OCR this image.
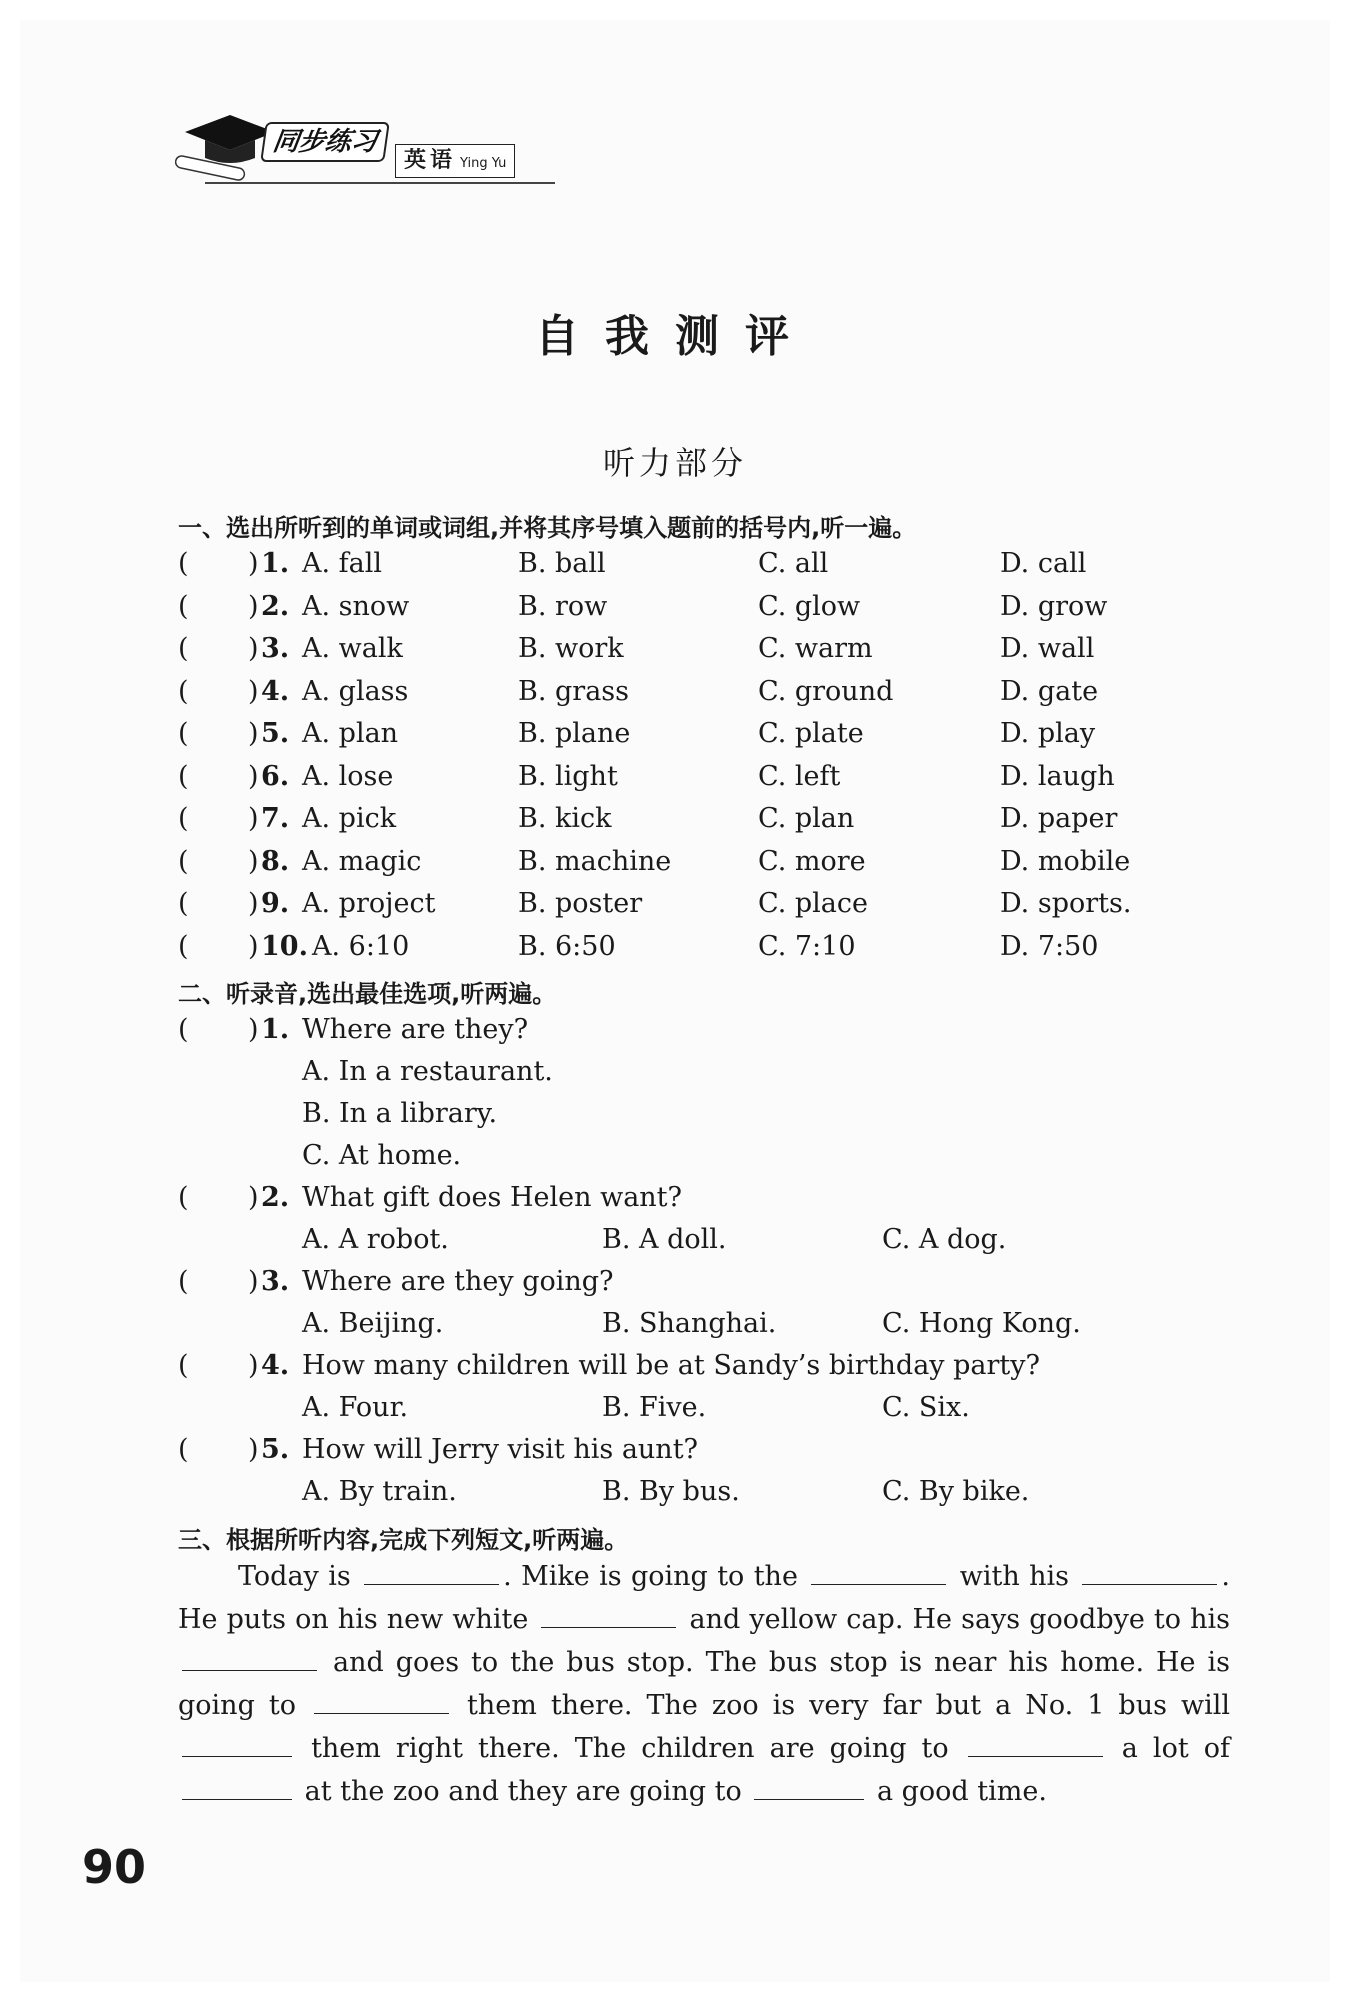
同步练习
英语 Ying Yu
自我测评
听力部分
一、选出所听到的单词或词组,并将其序号填入题前的括号内,听一遍。
( ) 1. A. fall	B. ball	C. all	D. call
( ) 2. A. snow	B. row	C. glow	D. grow
( ) 3. A. walk	B. work	C. warm	D. wall
( ) 4. A. glass	B. grass	C. ground	D. gate
( ) 5. A. plan	B. plane	C. plate	D. play
( ) 6. A. lose	B. light	C. left	D. laugh
( ) 7. A. pick	B. kick	C. plan	D. paper
( ) 8. A. magic	B. machine	C. more	D. mobile
( ) 9. A. project	B. poster	C. place	D. sports.
( ) 10. A. 6:10	B. 6:50	C. 7:10	D. 7:50
二、听录音,选出最佳选项,听两遍。
( ) 1. Where are they?
A. In a restaurant.
B. In a library.
C. At home.
( ) 2. What gift does Helen want?
A. A robot.	B. A doll.	C. A dog.
( ) 3. Where are they going?
A. Beijing.	B. Shanghai.	C. Hong Kong.
( ) 4. How many children will be at Sandy’s birthday party?
A. Four.	B. Five.	C. Six.
( ) 5. How will Jerry visit his aunt?
A. By train.	B. By bus.	C. By bike.
三、根据所听内容,完成下列短文,听两遍。
Today is	. Mike is going to the	with his	. He puts on his new white	and yellow cap. He says goodbye to his  and goes to the bus stop. The bus stop is near his home. He is going to	them there. The zoo is very far but a No. 1 bus will  them right there. The children are going to	a lot of  at the zoo and they are going to	a good time.
90
